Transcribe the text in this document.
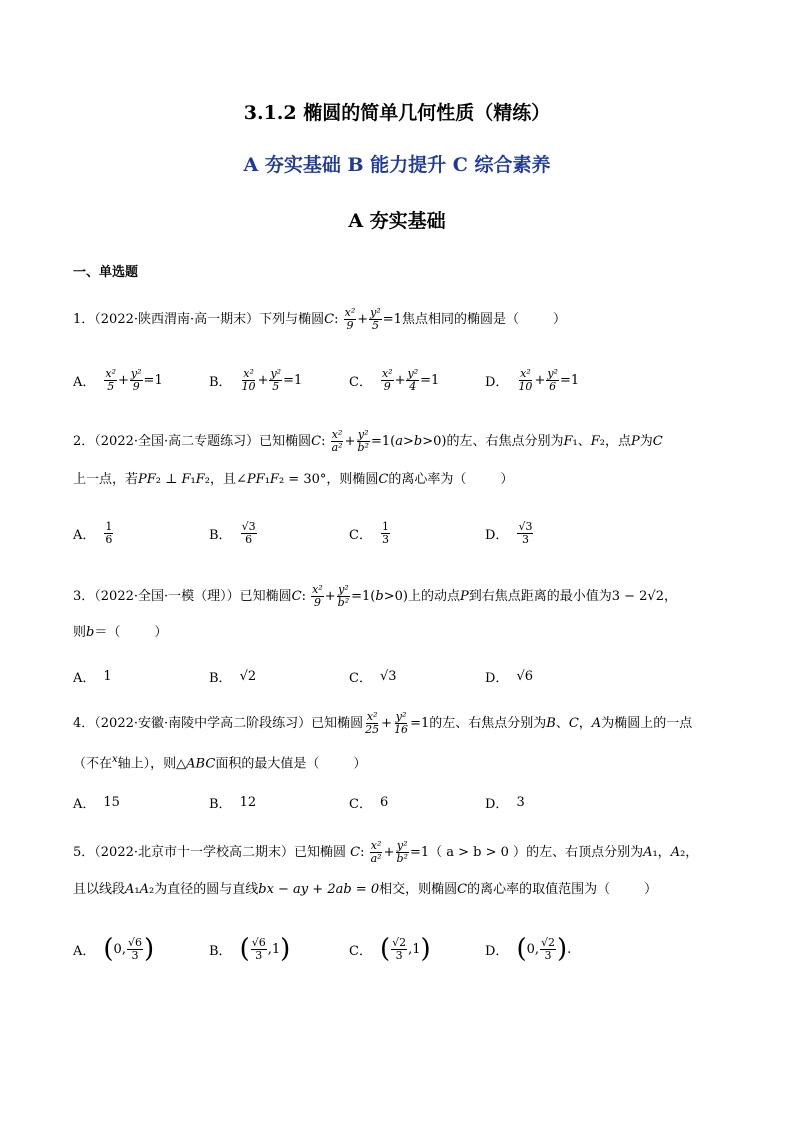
3.1.2 椭圆的简单几何性质（精练）
A 夯实基础 B 能力提升 C 综合素养
A 夯实基础
一、单选题
1．（2022·陕西渭南·高一期末）下列与椭圆C: $\frac{\text{x²}}{9} + \frac{\text{y²}}{5} =1$焦点相同的椭圆是（	）
A． $\frac{\text{x²}}{5} + \frac{\text{y²}}{9} =1$	B． $\frac{\text{x²}}{10} + \frac{\text{y²}}{5} =1$	C． $\frac{\text{x²}}{9} + \frac{\text{y²}}{4} =1$	D． $\frac{\text{x²}}{10} + \frac{\text{y²}}{6} =1$
2．（2022·全国·高二专题练习）已知椭圆C: $\frac{\text{x²}}{\text{a²}} + \frac{\text{y²}}{\text{b²}} =1(a>b>0)$的左、右焦点分别为F₁、F₂，点P为C
上一点，若PF₂ ⊥ F₁F₂，且∠PF₁F₂ = 30°，则椭圆C的离心率为（	）
A． $\frac{1}{6}$	B． $\frac{√3}{6}$	C． $\frac{1}{3}$	D． $\frac{√3}{3}$
3．（2022·全国·一模（理））已知椭圆C: $\frac{\text{x²}}{9} + \frac{\text{y²}}{\text{b²}} =1(b>0)$上的动点P到右焦点距离的最小值为3 − 2√2，
则b＝（	）
A． 1	B． √2	C． √3	D． √6
4．（2022·安徽·南陵中学高二阶段练习）已知椭圆 $\frac{\text{x²}}{25} + \frac{\text{y²}}{16} =1$的左、右焦点分别为B、C，A为椭圆上的一点
（不在$^x$轴上），则△ABC面积的最大值是（	）
A． 15	B． 12	C． 6	D． 3
5．（2022·北京市十一学校高二期末）已知椭圆 C: $\frac{\text{x²}}{\text{a²}} + \frac{\text{y²}}{\text{b²}} =1$（ a > b > 0 ）的左、右顶点分别为A₁，A₂，
且以线段A₁A₂为直径的圆与直线bx − ay + 2ab = 0相交，则椭圆C的离心率的取值范围为（	）
A． ( 0, $\frac{√6}{3}$ )	B． ( $\frac{√6}{3} ,1$ )	C． ( $\frac{√2}{3} ,1$ )	D． ( 0, $\frac{√2}{3}$ ) .
